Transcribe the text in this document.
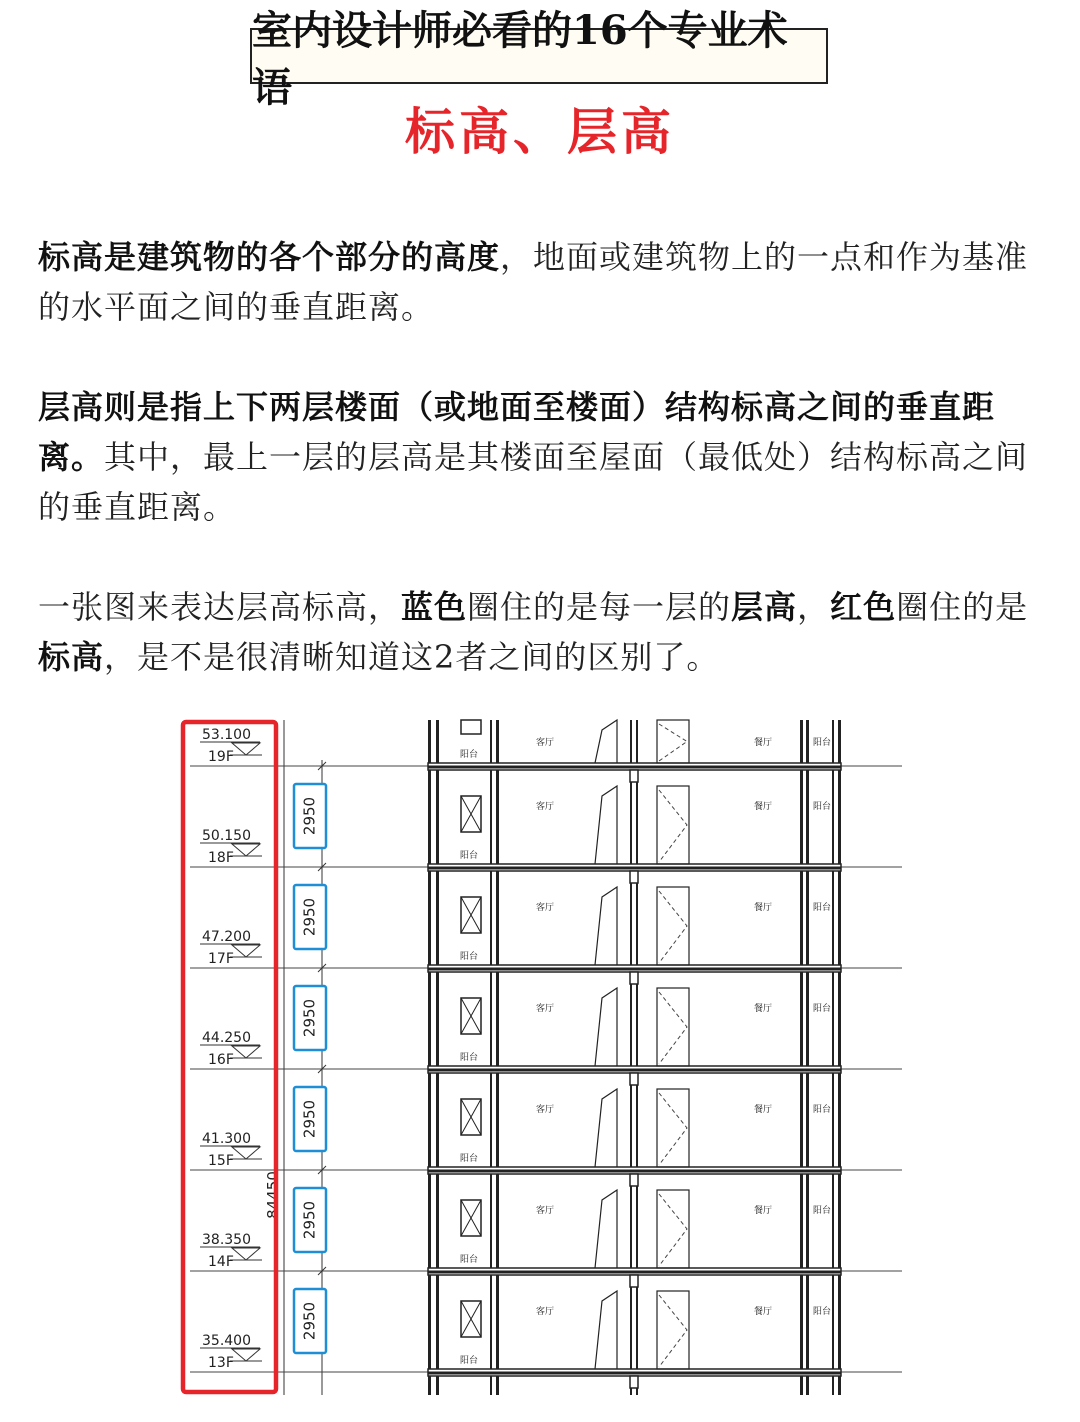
室内设计师必看的16个专业术语
标高、层高
标高是建筑物的各个部分的高度，地面或建筑物上的一点和作为基准的水平面之间的垂直距离。
层高则是指上下两层楼面（或地面至楼面）结构标高之间的垂直距离。其中，最上一层的层高是其楼面至屋面（最低处）结构标高之间的垂直距离。
一张图来表达层高标高，蓝色圈住的是每一层的层高，红色圈住的是标高，是不是很清晰知道这2者之间的区别了。
84450
53.100
19F
2950
阳台
客厅	餐厅	阳台
50.150
18F
2950
阳台
客厅	餐厅	阳台
47.200
17F
2950
阳台
客厅	餐厅	阳台
44.250
16F
2950
阳台
客厅	餐厅	阳台
41.300
15F
2950
阳台
客厅	餐厅	阳台
38.350
14F
2950
阳台
客厅	餐厅	阳台
35.400
13F	阳台
客厅	餐厅	阳台
